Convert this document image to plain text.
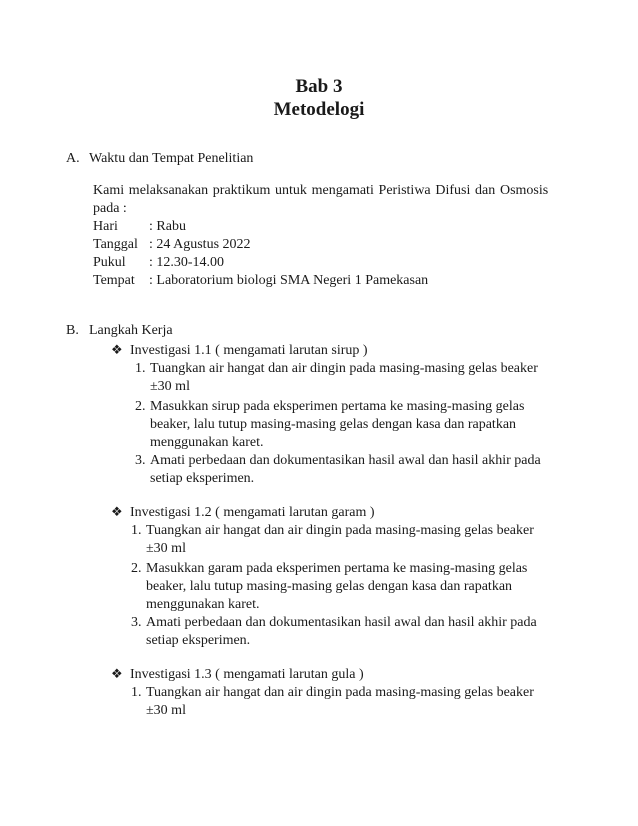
Bab 3
Metodelogi
A. Waktu dan Tempat Penelitian
Kami melaksanakan praktikum untuk mengamati Peristiwa Difusi dan Osmosis
pada :
Hari : Rabu
Tanggal : 24 Agustus 2022
Pukul : 12.30-14.00
Tempat : Laboratorium biologi SMA Negeri 1 Pamekasan
B. Langkah Kerja
❖ Investigasi 1.1 ( mengamati larutan sirup )
1. Tuangkan air hangat dan air dingin pada masing-masing gelas beaker
±30 ml
2. Masukkan sirup pada eksperimen pertama ke masing-masing gelas
beaker, lalu tutup masing-masing gelas dengan kasa dan rapatkan
menggunakan karet.
3. Amati perbedaan dan dokumentasikan hasil awal dan hasil akhir pada
setiap eksperimen.
❖ Investigasi 1.2 ( mengamati larutan garam )
1. Tuangkan air hangat dan air dingin pada masing-masing gelas beaker
±30 ml
2. Masukkan garam pada eksperimen pertama ke masing-masing gelas
beaker, lalu tutup masing-masing gelas dengan kasa dan rapatkan
menggunakan karet.
3. Amati perbedaan dan dokumentasikan hasil awal dan hasil akhir pada
setiap eksperimen.
❖ Investigasi 1.3 ( mengamati larutan gula )
1. Tuangkan air hangat dan air dingin pada masing-masing gelas beaker
±30 ml
